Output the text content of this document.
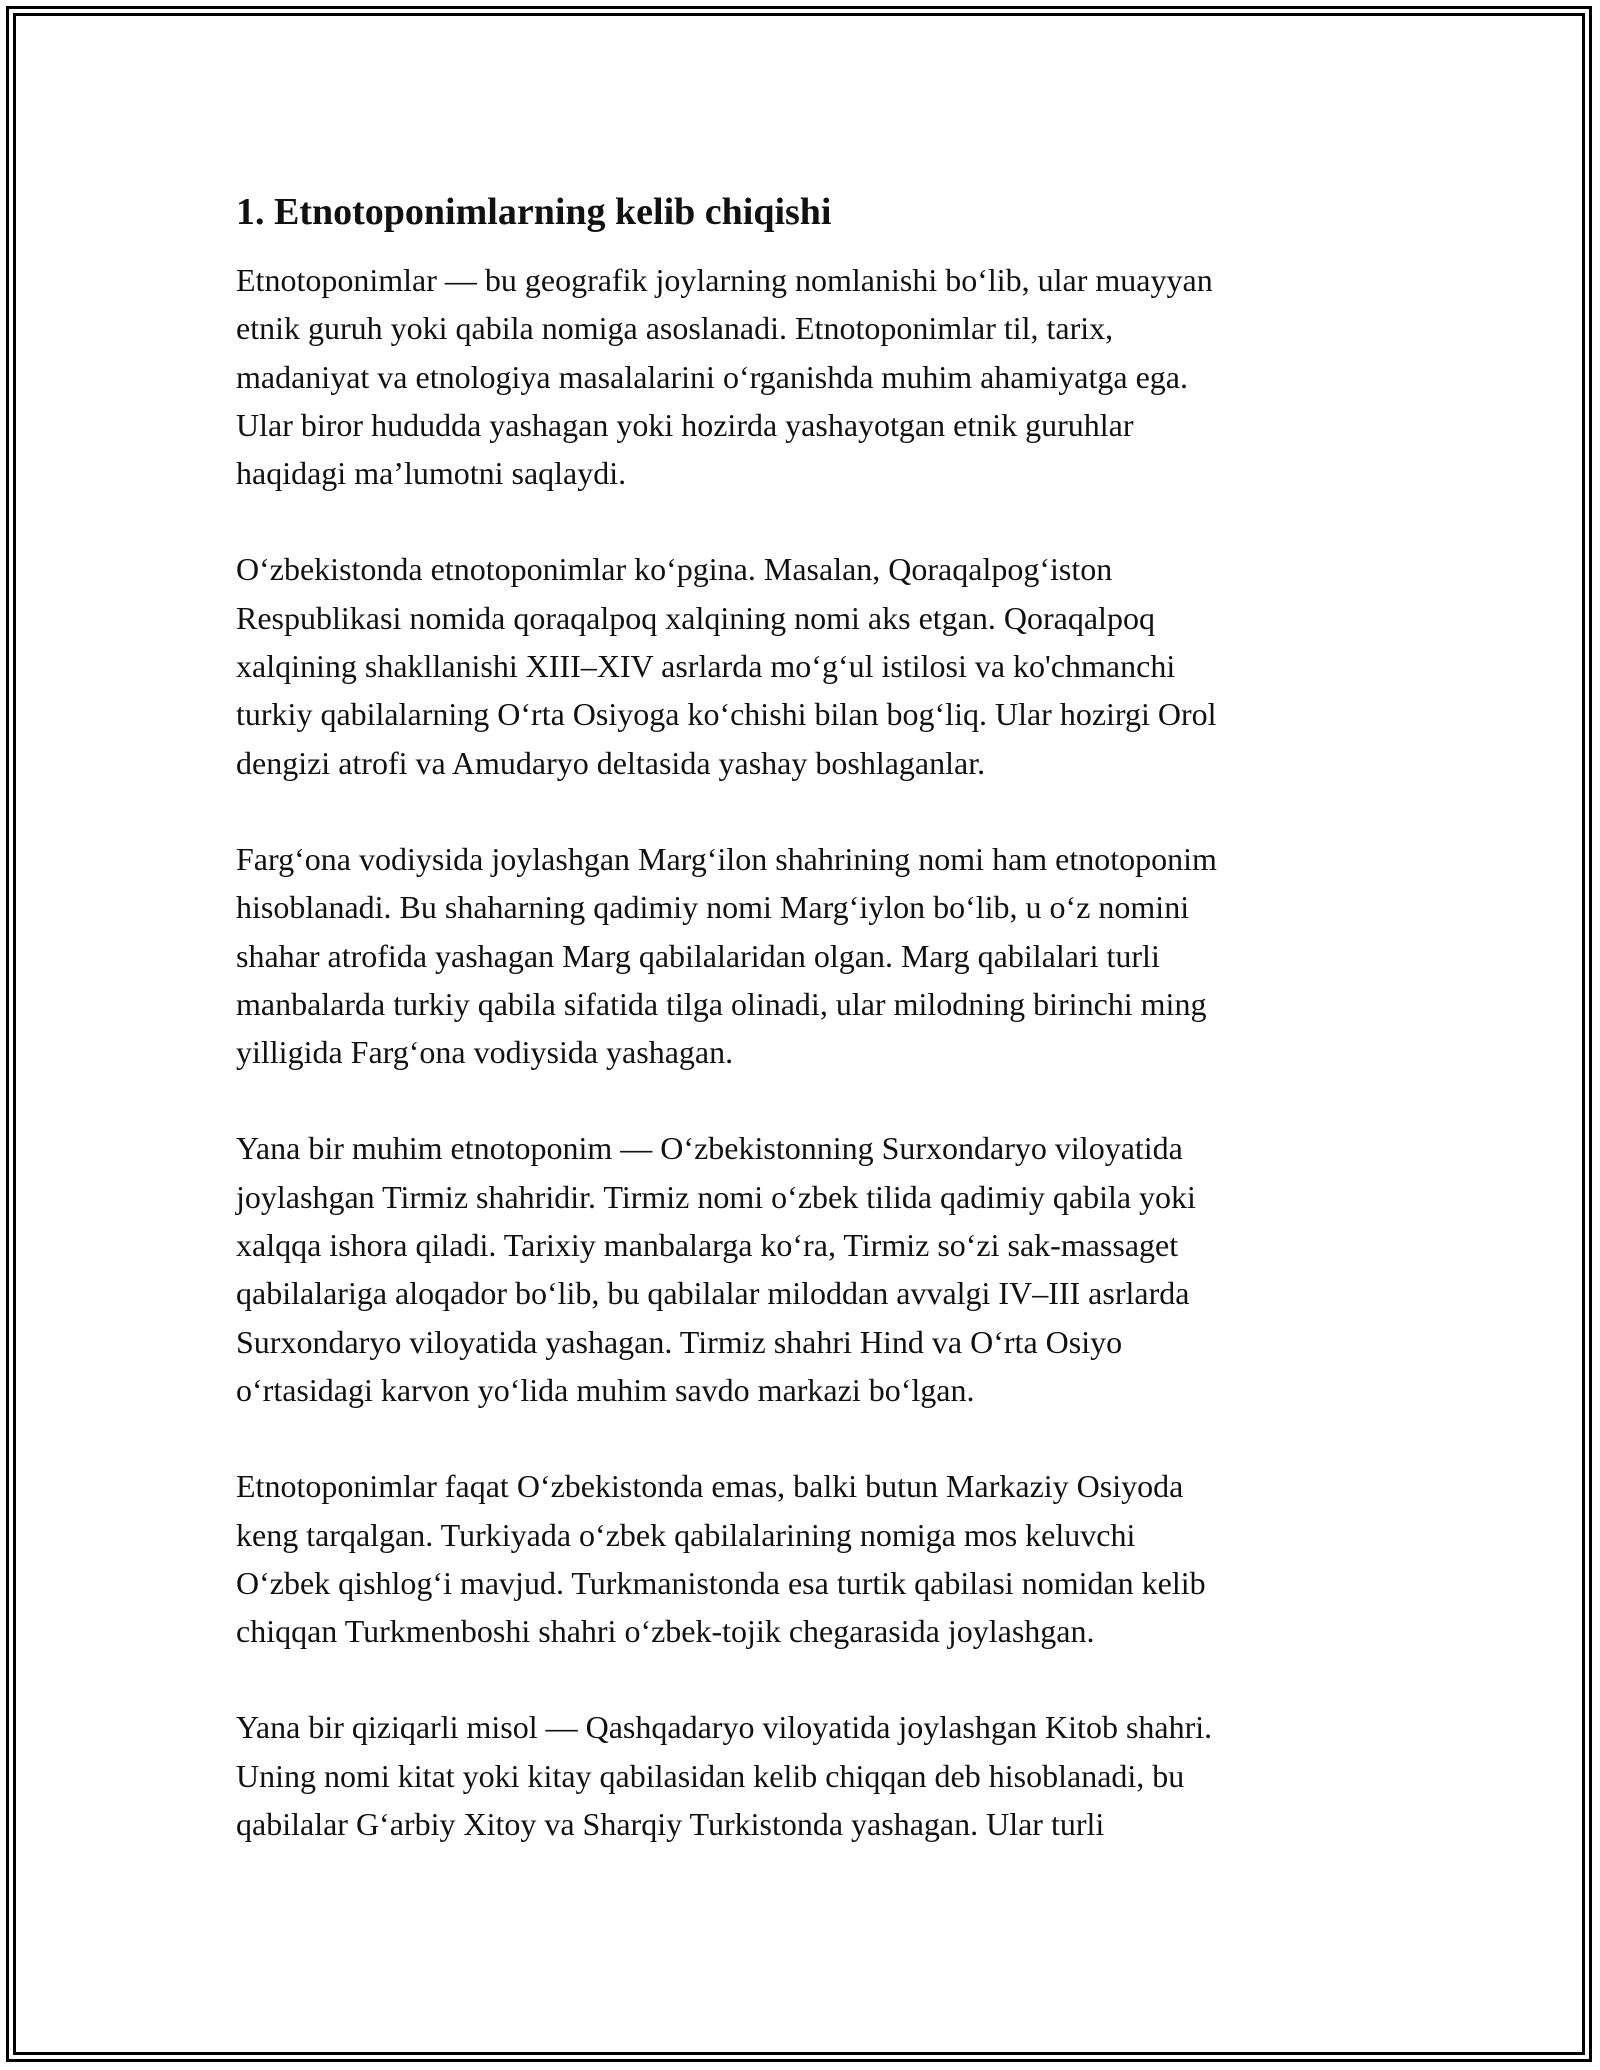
1. Etnotoponimlarning kelib chiqishi

Etnotoponimlar — bu geografik joylarning nomlanishi bo‘lib, ular muayyan
etnik guruh yoki qabila nomiga asoslanadi. Etnotoponimlar til, tarix,
madaniyat va etnologiya masalalarini o‘rganishda muhim ahamiyatga ega.
Ular biror hududda yashagan yoki hozirda yashayotgan etnik guruhlar
haqidagi ma’lumotni saqlaydi.

O‘zbekistonda etnotoponimlar ko‘pgina. Masalan, Qoraqalpog‘iston
Respublikasi nomida qoraqalpoq xalqining nomi aks etgan. Qoraqalpoq
xalqining shakllanishi XIII–XIV asrlarda mo‘g‘ul istilosi va ko'chmanchi
turkiy qabilalarning O‘rta Osiyoga ko‘chishi bilan bog‘liq. Ular hozirgi Orol
dengizi atrofi va Amudaryo deltasida yashay boshlaganlar.

Farg‘ona vodiysida joylashgan Marg‘ilon shahrining nomi ham etnotoponim
hisoblanadi. Bu shaharning qadimiy nomi Marg‘iylon bo‘lib, u o‘z nomini
shahar atrofida yashagan Marg qabilalaridan olgan. Marg qabilalari turli
manbalarda turkiy qabila sifatida tilga olinadi, ular milodning birinchi ming
yilligida Farg‘ona vodiysida yashagan.

Yana bir muhim etnotoponim — O‘zbekistonning Surxondaryo viloyatida
joylashgan Tirmiz shahridir. Tirmiz nomi o‘zbek tilida qadimiy qabila yoki
xalqqa ishora qiladi. Tarixiy manbalarga ko‘ra, Tirmiz so‘zi sak-massaget
qabilalariga aloqador bo‘lib, bu qabilalar miloddan avvalgi IV–III asrlarda
Surxondaryo viloyatida yashagan. Tirmiz shahri Hind va O‘rta Osiyo
o‘rtasidagi karvon yo‘lida muhim savdo markazi bo‘lgan.

Etnotoponimlar faqat O‘zbekistonda emas, balki butun Markaziy Osiyoda
keng tarqalgan. Turkiyada o‘zbek qabilalarining nomiga mos keluvchi
O‘zbek qishlog‘i mavjud. Turkmanistonda esa turtik qabilasi nomidan kelib
chiqqan Turkmenboshi shahri o‘zbek-tojik chegarasida joylashgan.

Yana bir qiziqarli misol — Qashqadaryo viloyatida joylashgan Kitob shahri.
Uning nomi kitat yoki kitay qabilasidan kelib chiqqan deb hisoblanadi, bu
qabilalar G‘arbiy Xitoy va Sharqiy Turkistonda yashagan. Ular turli
